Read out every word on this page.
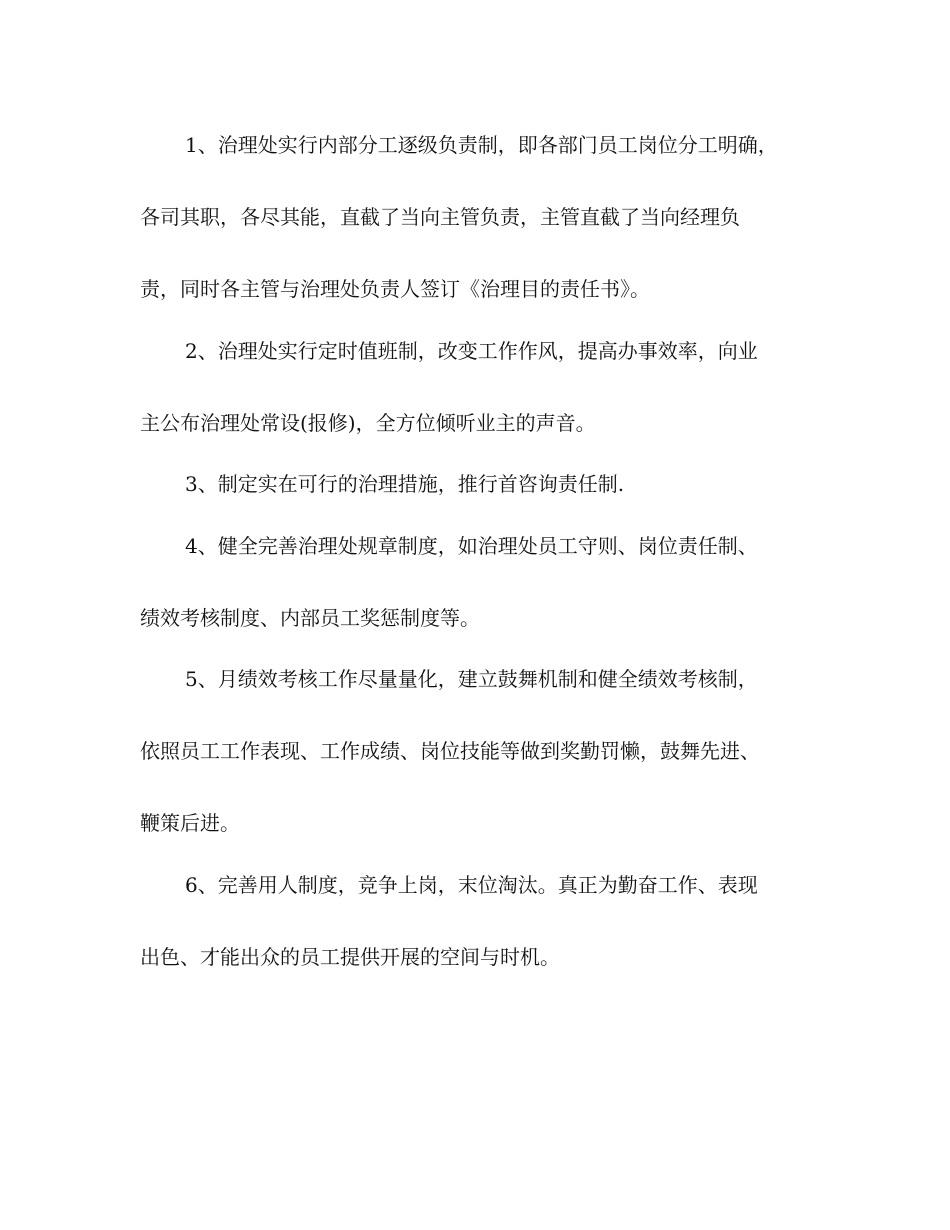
1、治理处实行内部分工逐级负责制，即各部门员工岗位分工明确，
各司其职，各尽其能，直截了当向主管负责，主管直截了当向经理负
责，同时各主管与治理处负责人签订《治理目的责任书》。
2、治理处实行定时值班制，改变工作作风，提高办事效率，向业
主公布治理处常设(报修)，全方位倾听业主的声音。
3、制定实在可行的治理措施，推行首咨询责任制.
4、健全完善治理处规章制度，如治理处员工守则、岗位责任制、
绩效考核制度、内部员工奖惩制度等。
5、月绩效考核工作尽量量化，建立鼓舞机制和健全绩效考核制，
依照员工工作表现、工作成绩、岗位技能等做到奖勤罚懒，鼓舞先进、
鞭策后进。
6、完善用人制度，竞争上岗，末位淘汰。真正为勤奋工作、表现
出色、才能出众的员工提供开展的空间与时机。
